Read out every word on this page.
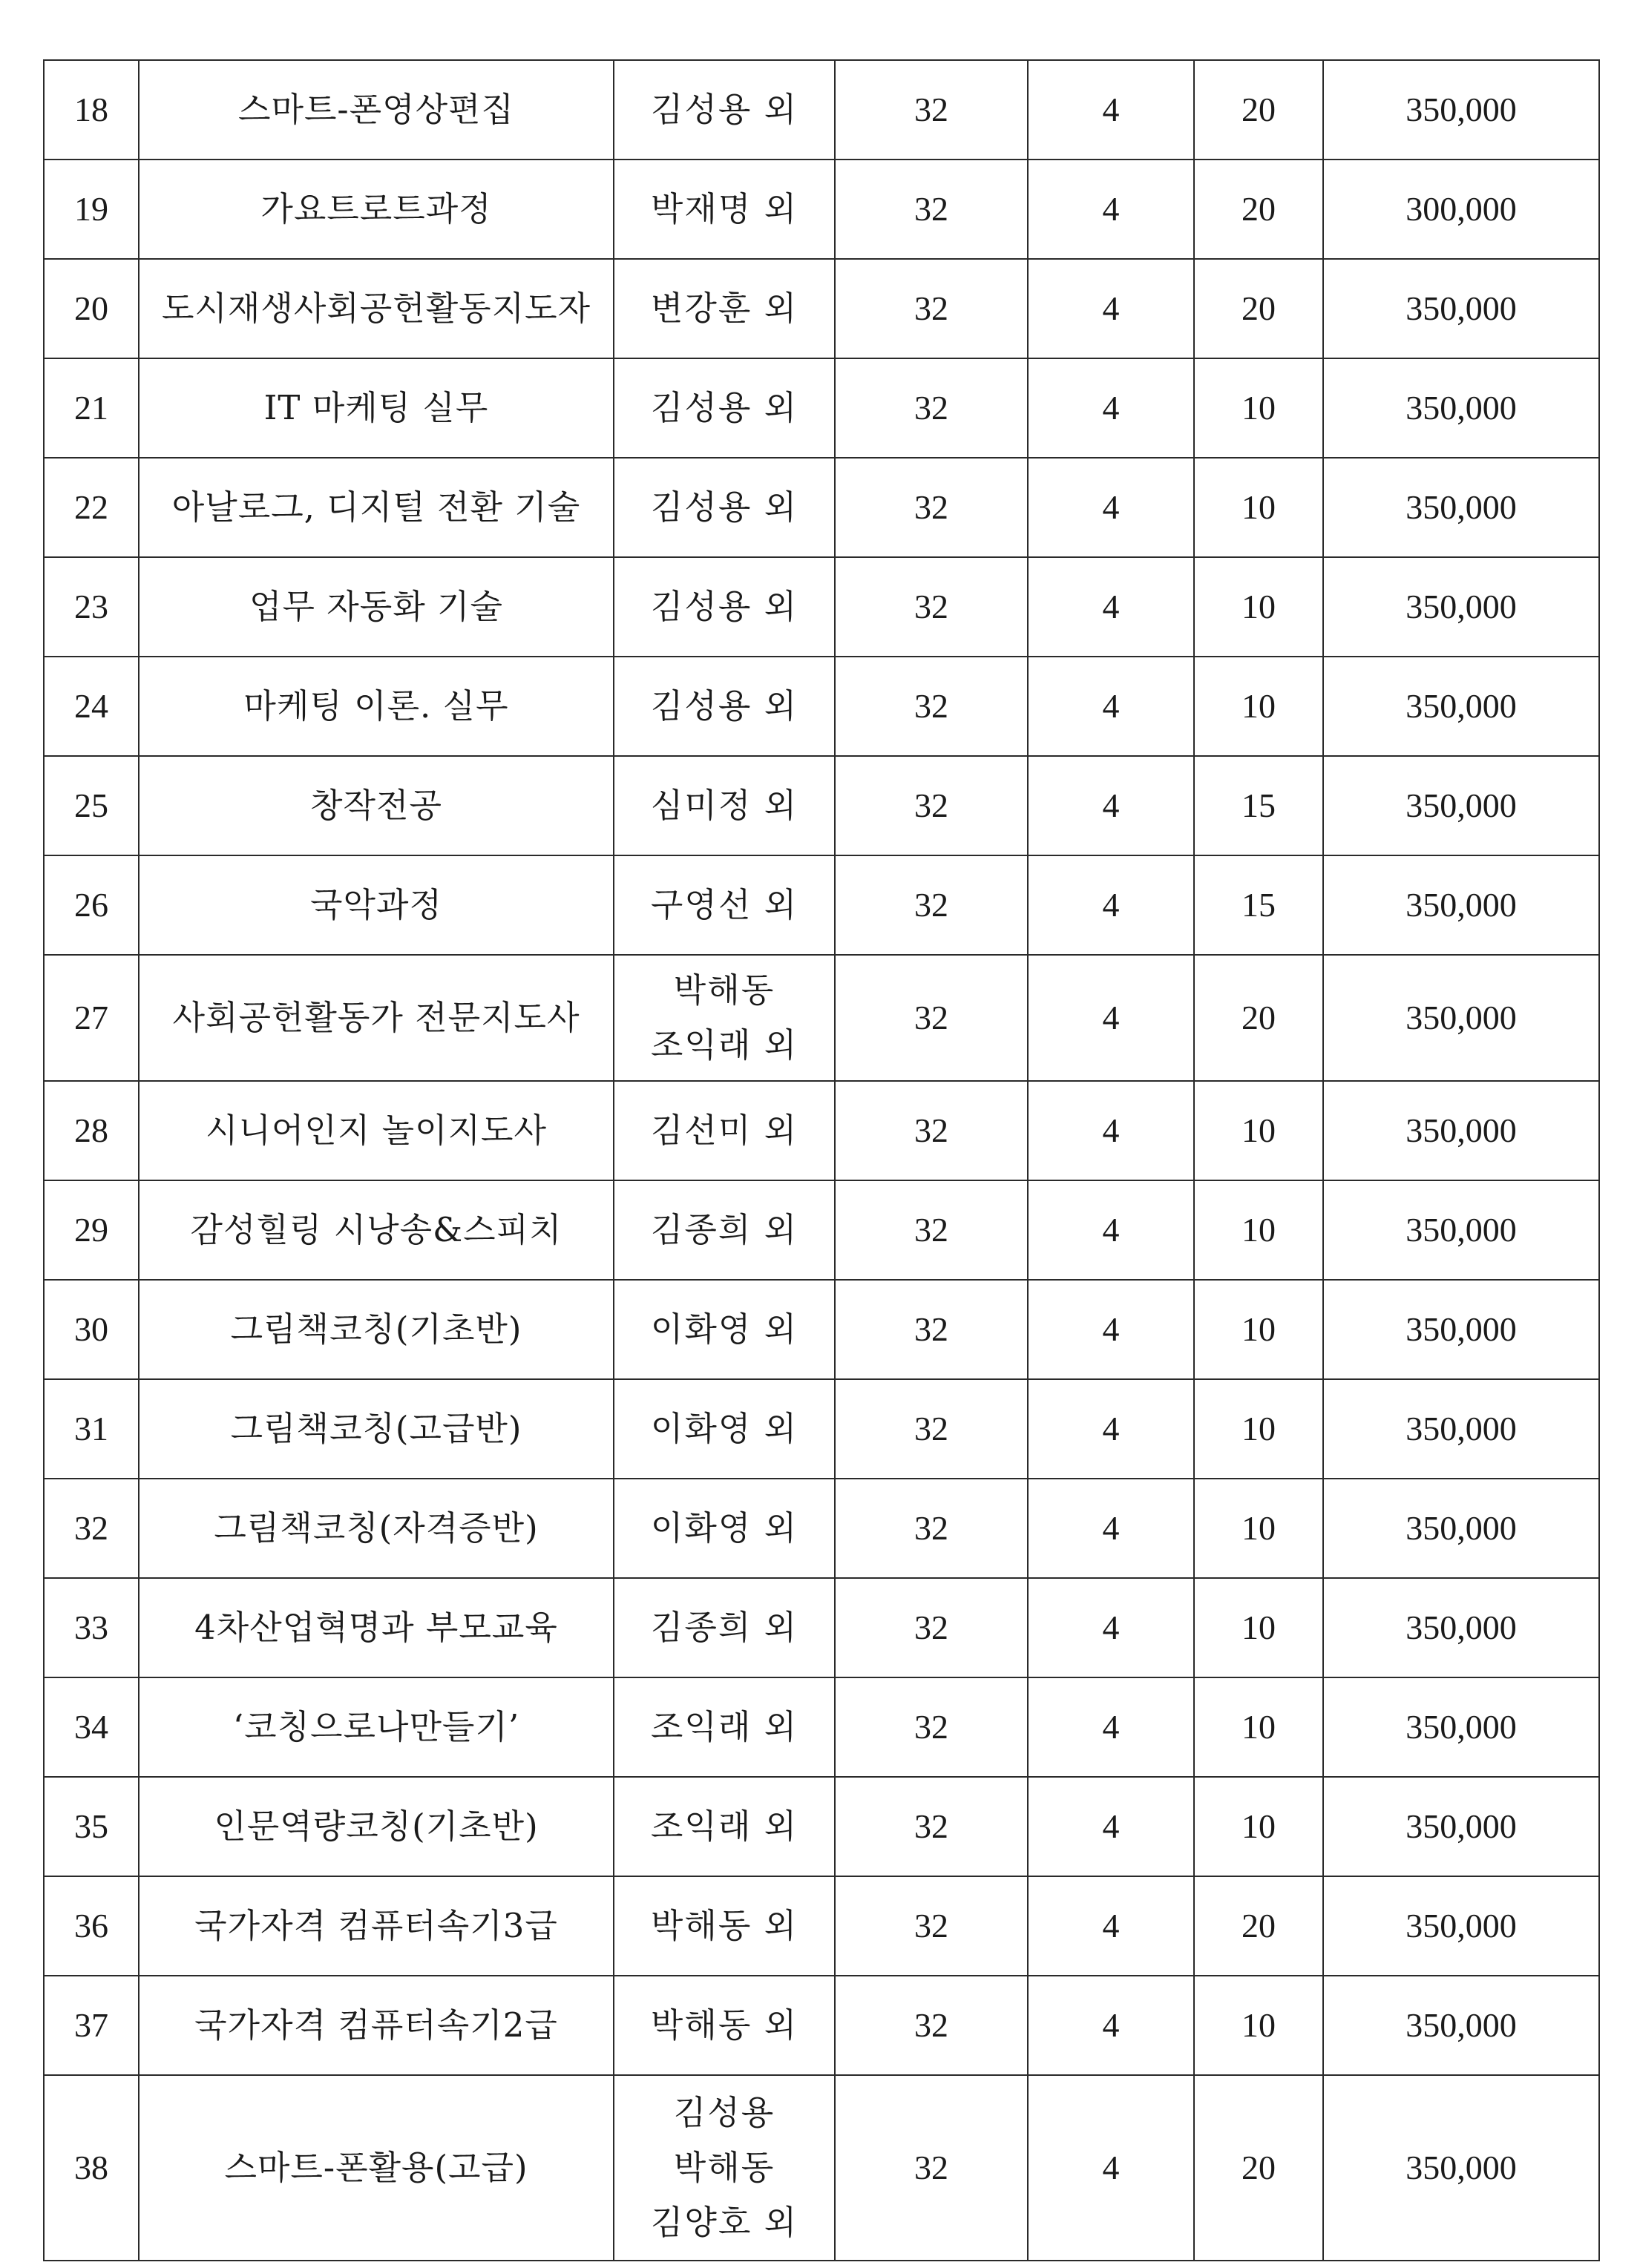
18	스마트-폰영상편집	김성용 외	32	4	20	350,000
19	가요트로트과정	박재명 외	32	4	20	300,000
20	도시재생사회공헌활동지도자	변강훈 외	32	4	20	350,000
21	IT 마케팅 실무	김성용 외	32	4	10	350,000
22	아날로그, 디지털 전환 기술	김성용 외	32	4	10	350,000
23	업무 자동화 기술	김성용 외	32	4	10	350,000
24	마케팅 이론. 실무	김성용 외	32	4	10	350,000
25	창작전공	심미정 외	32	4	15	350,000
26	국악과정	구영선 외	32	4	15	350,000
27	사회공헌활동가 전문지도사	박해동
조익래 외	32	4	20	350,000
28	시니어인지 놀이지도사	김선미 외	32	4	10	350,000
29	감성힐링 시낭송&스피치	김종희 외	32	4	10	350,000
30	그림책코칭(기초반)	이화영 외	32	4	10	350,000
31	그림책코칭(고급반)	이화영 외	32	4	10	350,000
32	그림책코칭(자격증반)	이화영 외	32	4	10	350,000
33	4차산업혁명과 부모교육	김종희 외	32	4	10	350,000
34	‘코칭으로나만들기’	조익래 외	32	4	10	350,000
35	인문역량코칭(기초반)	조익래 외	32	4	10	350,000
36	국가자격 컴퓨터속기3급	박해동 외	32	4	20	350,000
37	국가자격 컴퓨터속기2급	박해동 외	32	4	10	350,000
38	스마트-폰활용(고급)	김성용
박해동
김양호 외	32	4	20	350,000
